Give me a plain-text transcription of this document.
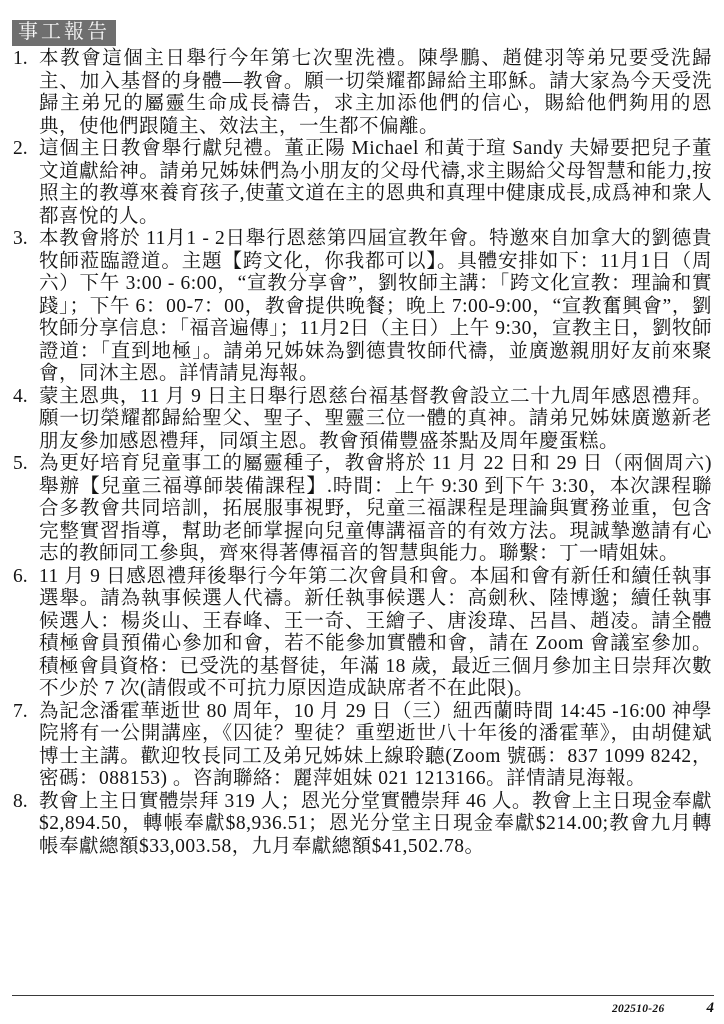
事工報告
1. 本教會這個主日舉行今年第七次聖洗禮。陳學鵬、趙健羽等弟兄要受洗歸主、加入基督的身體—教會。願一切榮耀都歸給主耶穌。請大家為今天受洗歸主弟兄的屬靈生命成長禱告，求主加添他們的信心，賜給他們夠用的恩典，使他們跟隨主、效法主，一生都不偏離。
2. 這個主日教會舉行獻兒禮。董正陽 Michael 和黃于瑄 Sandy 夫婦要把兒子董文道獻給神。請弟兄姊妹們為小朋友的父母代禱,求主賜給父母智慧和能力,按照主的教導來養育孩子,使董文道在主的恩典和真理中健康成長,成爲神和衆人都喜悅的人。
3. 本教會將於 11月1 - 2日舉行恩慈第四屆宣教年會。特邀來自加拿大的劉德貴牧師蒞臨證道。主題【跨文化，你我都可以】。具體安排如下：11月1日（周六）下午 3:00 - 6:00，“宣教分享會”，劉牧師主講：「跨文化宣教：理論和實踐」；下午 6：00-7：00，教會提供晚餐；晚上 7:00-9:00，“宣教奮興會”，劉牧師分享信息：「福音遍傳」；11月2日（主日）上午 9:30，宣教主日，劉牧師證道：「直到地極」。請弟兄姊妹為劉德貴牧師代禱，並廣邀親朋好友前來聚會，同沐主恩。詳情請見海報。
4. 蒙主恩典，11 月 9 日主日舉行恩慈台福基督教會設立二十九周年感恩禮拜。願一切榮耀都歸給聖父、聖子、聖靈三位一體的真神。請弟兄姊妹廣邀新老朋友參加感恩禮拜，同頌主恩。教會預備豐盛茶點及周年慶蛋糕。
5. 為更好培育兒童事工的屬靈種子，教會將於 11 月 22 日和 29 日（兩個周六)舉辦【兒童三福導師裝備課程】.時間：上午 9:30 到下午 3:30，本次課程聯合多教會共同培訓，拓展服事視野，兒童三福課程是理論與實務並重，包含完整實習指導，幫助老師掌握向兒童傳講福音的有效方法。現誠摯邀請有心志的教師同工參與，齊來得著傳福音的智慧與能力。聯繫：丁一晴姐妹。
6. 11 月 9 日感恩禮拜後舉行今年第二次會員和會。本屆和會有新任和續任執事選舉。請為執事候選人代禱。新任執事候選人：高劍秋、陸博邈；續任執事候選人：楊炎山、王春峰、王一奇、王繪子、唐浚瑋、呂昌、趙凌。請全體積極會員預備心參加和會，若不能參加實體和會，請在 Zoom 會議室參加。積極會員資格：已受洗的基督徒，年滿 18 歲，最近三個月參加主日崇拜次數不少於 7 次(請假或不可抗力原因造成缺席者不在此限)。
7. 為記念潘霍華逝世 80 周年，10 月 29 日（三）紐西蘭時間 14:45 -16:00 神學院將有一公開講座，《囚徒？聖徒？重塑逝世八十年後的潘霍華》，由胡健斌博士主講。歡迎牧長同工及弟兄姊妹上線聆聽(Zoom 號碼：837 1099 8242，密碼：088153) 。咨詢聯絡：麗萍姐妹 021 1213166。詳情請見海報。
8. 教會上主日實體崇拜 319 人；恩光分堂實體崇拜 46 人。教會上主日現金奉獻$2,894.50，轉帳奉獻$8,936.51；恩光分堂主日現金奉獻$214.00;教會九月轉帳奉獻總額$33,003.58，九月奉獻總額$41,502.78。
202510-26	4
